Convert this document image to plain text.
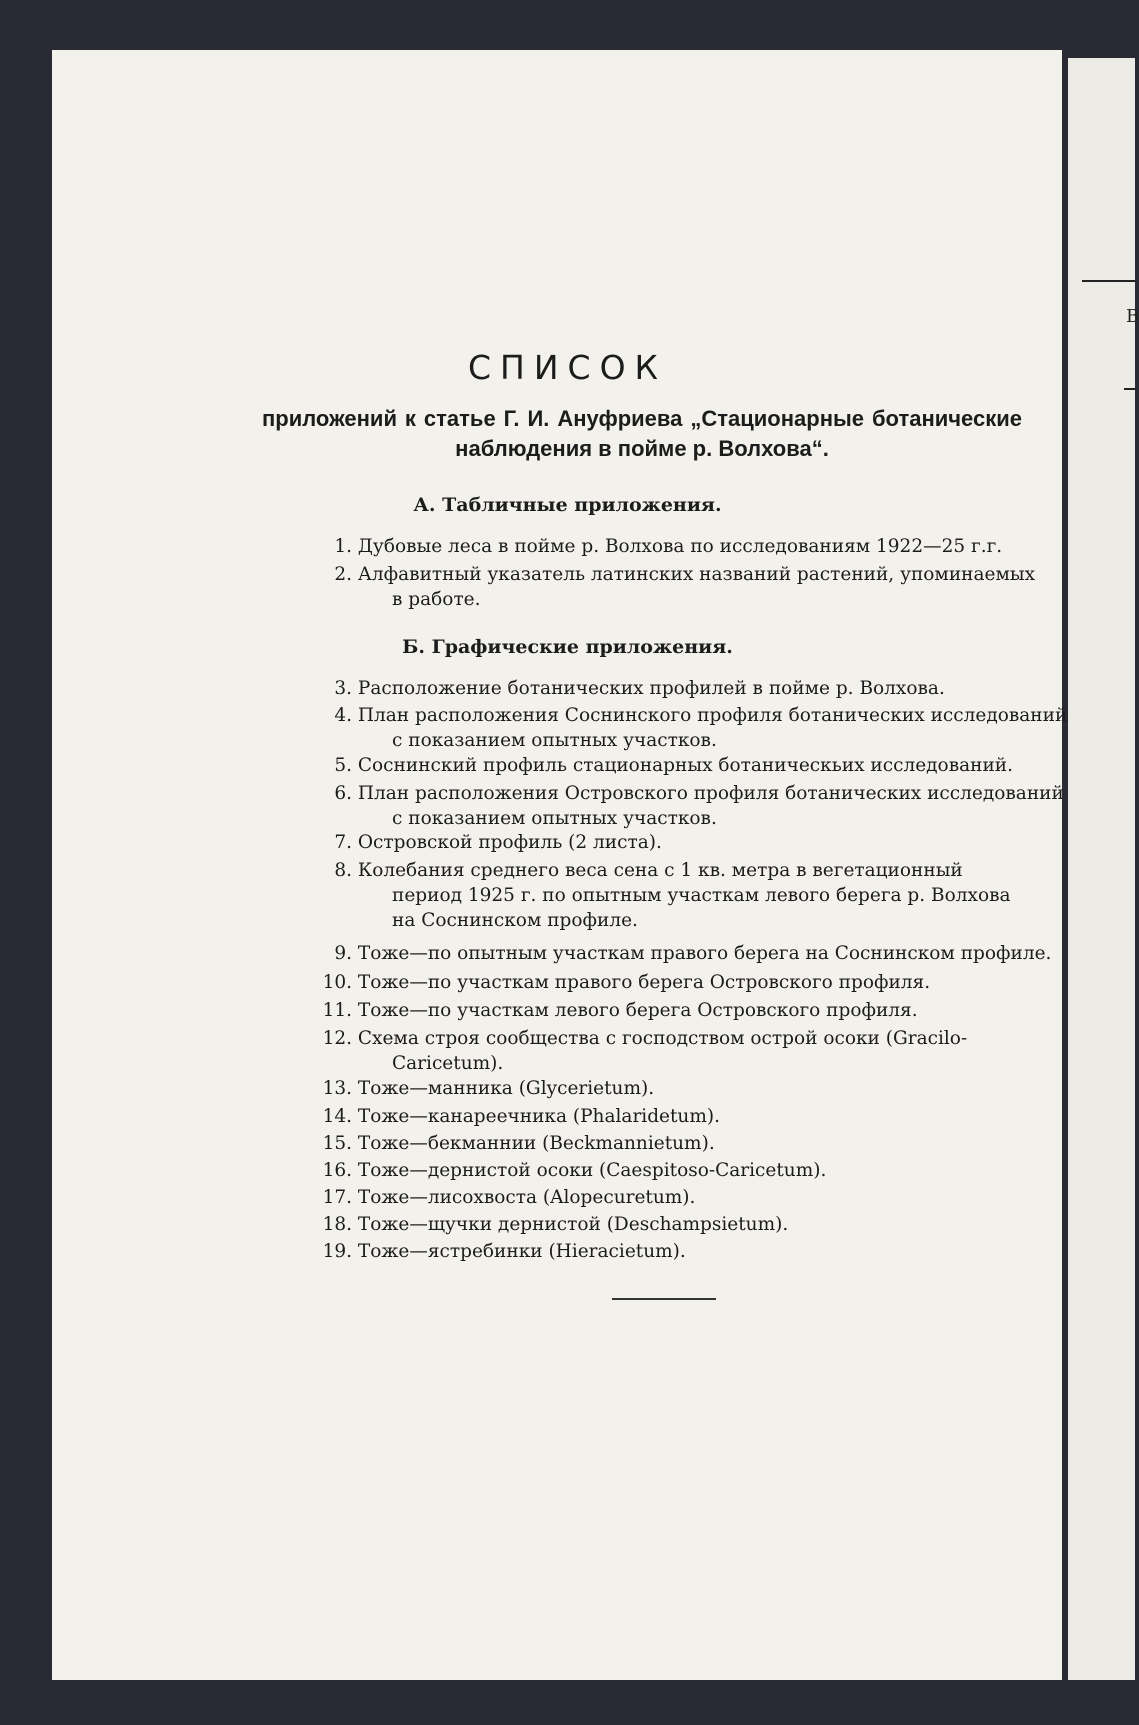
В
СПИСОК
приложений к статье Г. И. Ануфриева „Стационарные ботанические наблюдения в пойме р. Волхова“.
А. Табличные приложения.
1. Дубовые леса в пойме р. Волхова по исследованиям 1922—25 г.г.
2. Алфавитный указатель латинских названий растений, упоминаемых
в работе.
Б. Графические приложения.
3. Расположение ботанических профилей в пойме р. Волхова.
4. План расположения Соснинского профиля ботанических исследований
с показанием опытных участков.
5. Соснинский профиль стационарных ботаническьих исследований.
6. План расположения Островского профиля ботанических исследований
с показанием опытных участков.
7. Островской профиль (2 листа).
8. Колебания среднего веса сена с 1 кв. метра в вегетационный
период 1925 г. по опытным участкам левого берега р. Волхова
на Соснинском профиле.
9. Тоже—по опытным участкам правого берега на Соснинском профиле.
10. Тоже—по участкам правого берега Островского профиля.
11. Тоже—по участкам левого берега Островского профиля.
12. Схема строя сообщества с господством острой осоки (Gracilo-
Caricetum).
13. Тоже—манника (Glycerietum).
14. Тоже—канареечника (Phalaridetum).
15. Тоже—бекманнии (Beckmannietum).
16. Тоже—дернистой осоки (Caespitoso-Caricetum).
17. Тоже—лисохвоста (Alopecuretum).
18. Тоже—щучки дернистой (Deschampsietum).
19. Тоже—ястребинки (Hieracietum).
